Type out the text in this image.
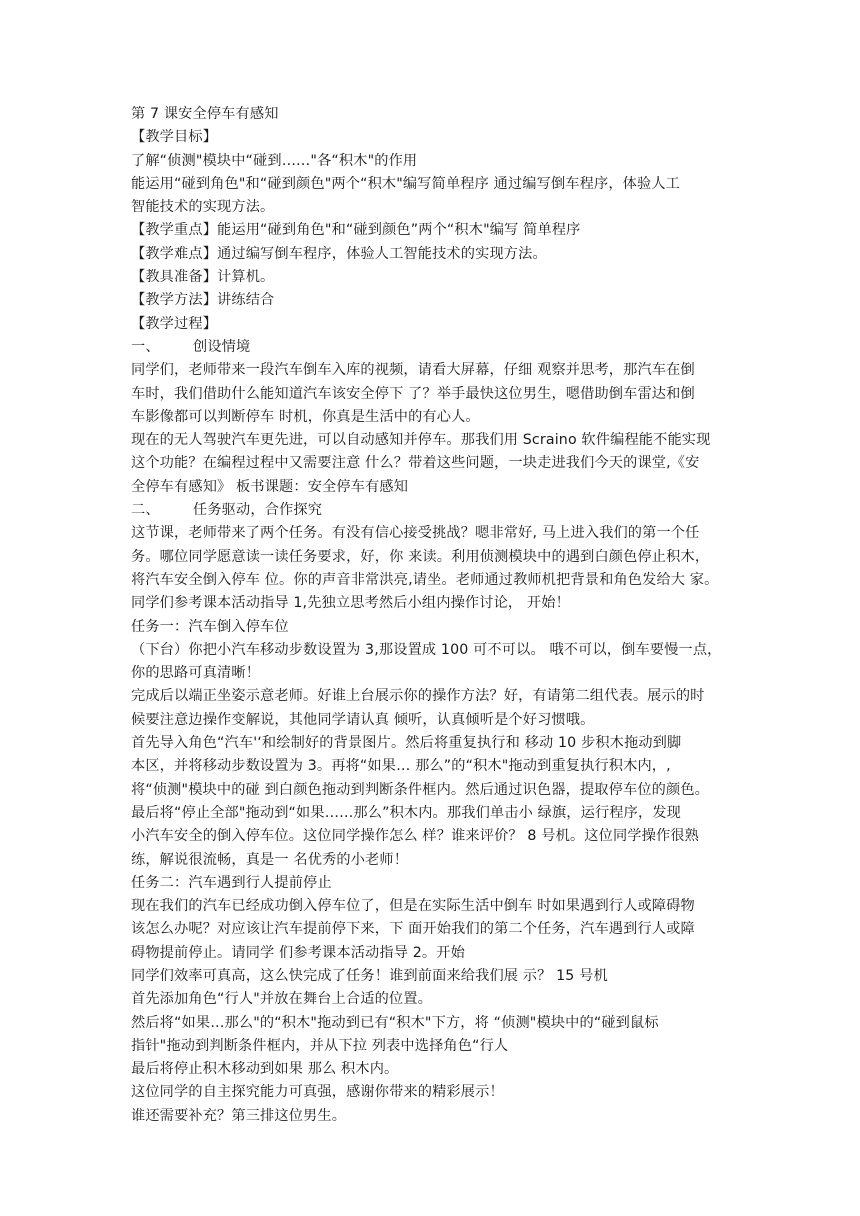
第 7 课安全停车有感知
【教学目标】
了解“侦测"模块中“碰到……"各“积木"的作用
能运用“碰到角色"和“碰到颜色"两个“积木"编写简单程序 通过编写倒车程序，体验人工
智能技术的实现方法。
【教学重点】能运用“碰到角色"和“碰到颜色”两个“积木"编写 简单程序
【教学难点】通过编写倒车程序，体验人工智能技术的实现方法。
【教具准备】计算机。
【教学方法】讲练结合
【教学过程】
一、 创设情境
同学们，老师带来一段汽车倒车入库的视频，请看大屏幕，仔细 观察并思考，那汽车在倒
车时，我们借助什么能知道汽车该安全停下 了？举手最快这位男生，嗯借助倒车雷达和倒
车影像都可以判断停车 时机，你真是生活中的有心人。
现在的无人驾驶汽车更先进，可以自动感知并停车。那我们用 Scraino 软件编程能不能实现
这个功能？在编程过程中又需要注意 什么？带着这些问题，一块走进我们今天的课堂,《安
全停车有感知》 板书课题：安全停车有感知
二、 任务驱动，合作探究
这节课，老师带来了两个任务。有没有信心接受挑战？嗯非常好, 马上进入我们的第一个任
务。哪位同学愿意读一读任务要求，好，你 来读。利用侦测模块中的遇到白颜色停止积木，
将汽车安全倒入停车 位。你的声音非常洪亮,请坐。老师通过教师机把背景和角色发给大 家。
同学们参考课本活动指导 1,先独立思考然后小组内操作讨论， 开始！
任务一：汽车倒入停车位
（下台）你把小汽车移动步数设置为 3,那设置成 100 可不可以。 哦不可以，倒车要慢一点，
你的思路可真清晰！
完成后以端正坐姿示意老师。好谁上台展示你的操作方法？好，有请第二组代表。展示的时
候要注意边操作变解说，其他同学请认真 倾听，认真倾听是个好习惯哦。
首先导入角色“汽车'‘和绘制好的背景图片。然后将重复执行和 移动 10 步积木拖动到脚
本区，并将移动步数设置为 3。再将“如果… 那么”的“积木"拖动到重复执行积木内，,
将“侦测"模块中的碰 到白颜色拖动到判断条件框内。然后通过识色器，提取停车位的颜色。
最后将“停止全部"拖动到“如果……那么”积木内。那我们单击小 绿旗，运行程序，发现
小汽车安全的倒入停车位。这位同学操作怎么 样？谁来评价？ 8 号机。这位同学操作很熟
练，解说很流畅，真是一 名优秀的小老师！
任务二：汽车遇到行人提前停止
现在我们的汽车已经成功倒入停车位了，但是在实际生活中倒车 时如果遇到行人或障碍物
该怎么办呢？对应该让汽车提前停下来，下 面开始我们的第二个任务，汽车遇到行人或障
碍物提前停止。请同学 们参考课本活动指导 2。开始
同学们效率可真高，这么快完成了任务！谁到前面来给我们展 示？ 15 号机
首先添加角色“行人"并放在舞台上合适的位置。
然后将“如果…那么"的“积木"拖动到已有“积木"下方，将 “侦测"模块中的“碰到鼠标
指针"拖动到判断条件框内，并从下拉 列表中选择角色“行人
最后将停止积木移动到如果 那么 积木内。
这位同学的自主探究能力可真强，感谢你带来的精彩展示！
谁还需要补充？第三排这位男生。
